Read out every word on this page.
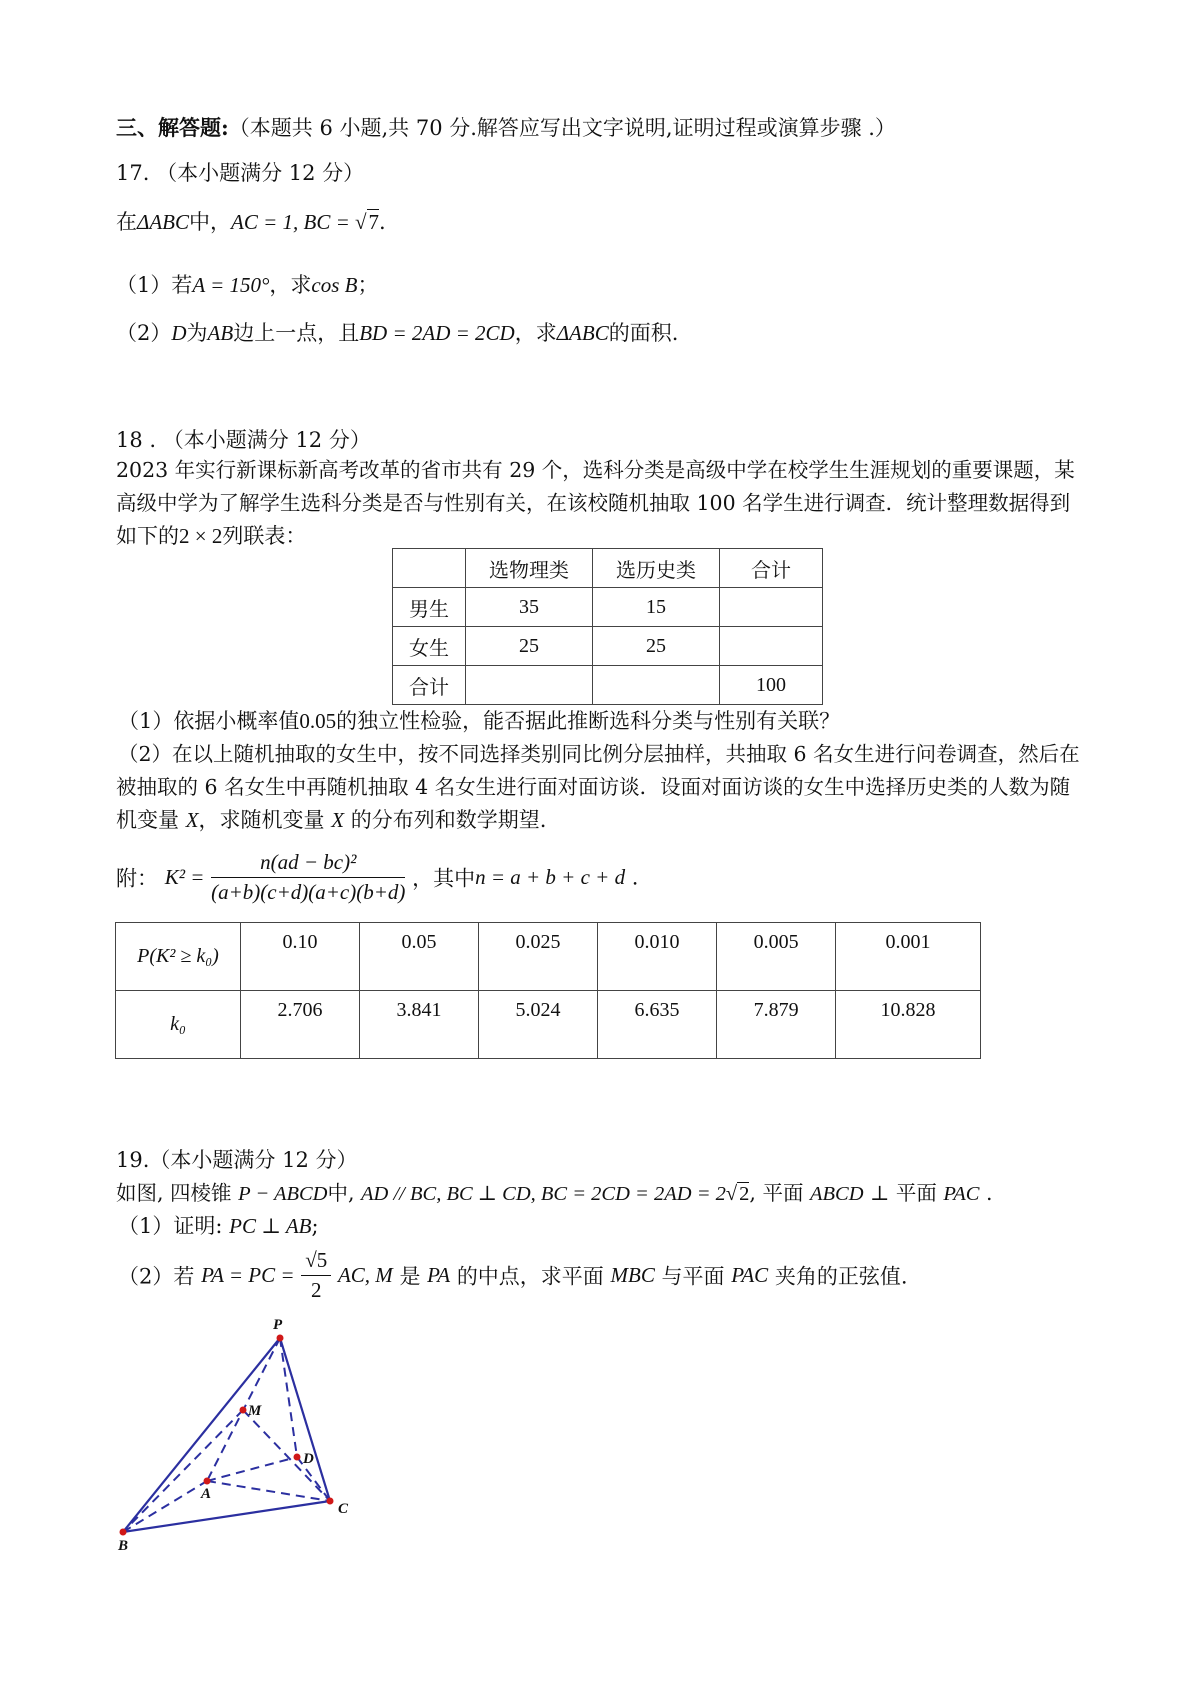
三、解答题:（本题共 6 小题,共 70 分.解答应写出文字说明,证明过程或演算步骤 .）
17. （本小题满分 12 分）
在ΔABC中，AC = 1, BC = √7.
（1）若A = 150°，求cos B；
（2）D为AB边上一点，且BD = 2AD = 2CD，求ΔABC的面积.
18 . （本小题满分 12 分）
2023 年实行新课标新高考改革的省市共有 29 个，选科分类是高级中学在校学生生涯规划的重要课题，某
高级中学为了解学生选科分类是否与性别有关，在该校随机抽取 100 名学生进行调查．统计整理数据得到
如下的2 × 2列联表：
	选物理类	选历史类	合计
男生	35	15	
女生	25	25	
合计			100
（1）依据小概率值0.05的独立性检验，能否据此推断选科分类与性别有关联？
（2）在以上随机抽取的女生中，按不同选择类别同比例分层抽样，共抽取 6 名女生进行问卷调查，然后在
被抽取的 6 名女生中再随机抽取 4 名女生进行面对面访谈．设面对面访谈的女生中选择历史类的人数为随
机变量 X，求随机变量 X 的分布列和数学期望.
附： $K^2 = \frac{\text{n(ad − bc)²}}{(a+b)(c+d)(a+c)(b+d)}$ ，其中n = a + b + c + d .
P(K² ≥ k₀)	0.10	0.05	0.025	0.010	0.005	0.001
k₀	2.706	3.841	5.024	6.635	7.879	10.828
19.（本小题满分 12 分）
如图, 四棱锥 P − ABCD中, AD // BC, BC ⊥ CD, BC = 2CD = 2AD = 2√2, 平面 ABCD ⊥ 平面 PAC .
（1）证明: PC ⊥ AB;
（2）若 PA = PC = $\frac{√5}{2}$ AC, M 是 PA 的中点，求平面 MBC 与平面 PAC 夹角的正弦值.
P
M
D
A
C
B
